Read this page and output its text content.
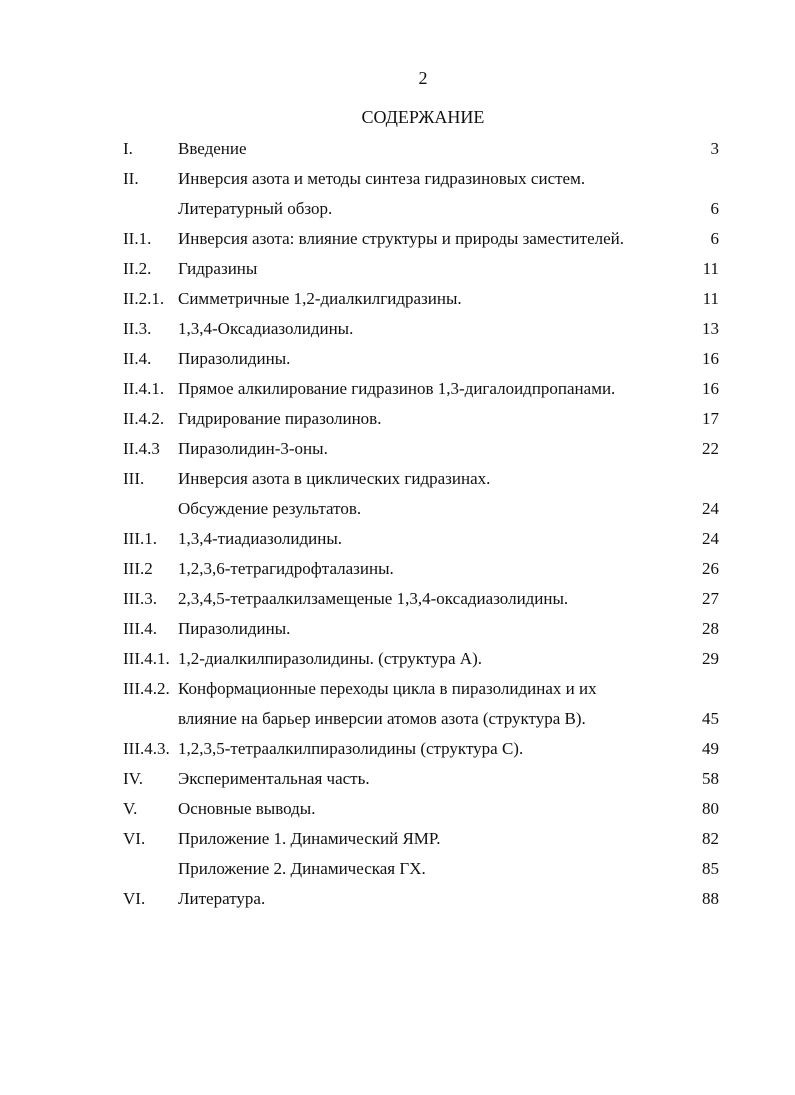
2
СОДЕРЖАНИЕ
I.	Введение	3
II. Инверсия азота и методы синтеза гидразиновых систем.
Литературный обзор.	6
II.1. Инверсия азота: влияние структуры и природы заместителей.	6
II.2. Гидразины	11
II.2.1. Симметричные 1,2-диалкилгидразины.	11
II.3. 1,3,4-Оксадиазолидины.	13
II.4. Пиразолидины.	16
II.4.1. Прямое алкилирование гидразинов 1,3-дигалоидпропанами.	16
II.4.2. Гидрирование пиразолинов.	17
II.4.3 Пиразолидин-3-оны.	22
III. Инверсия азота в циклических гидразинах.
Обсуждение результатов.	24
III.1. 1,3,4-тиадиазолидины.	24
III.2 1,2,3,6-тетрагидрофталазины.	26
III.3. 2,3,4,5-тетраалкилзамещеные 1,3,4-оксадиазолидины.	27
III.4. Пиразолидины.	28
III.4.1. 1,2-диалкилпиразолидины. (структура А).	29
III.4.2. Конформационные переходы цикла в пиразолидинах и их
влияние на барьер инверсии атомов азота (структура В).	45
III.4.3. 1,2,3,5-тетраалкилпиразолидины (структура С).	49
IV. Экспериментальная часть.	58
V. Основные выводы.	80
VI. Приложение 1. Динамический ЯМР.	82
Приложение 2. Динамическая ГХ.	85
VI. Литература.	88
